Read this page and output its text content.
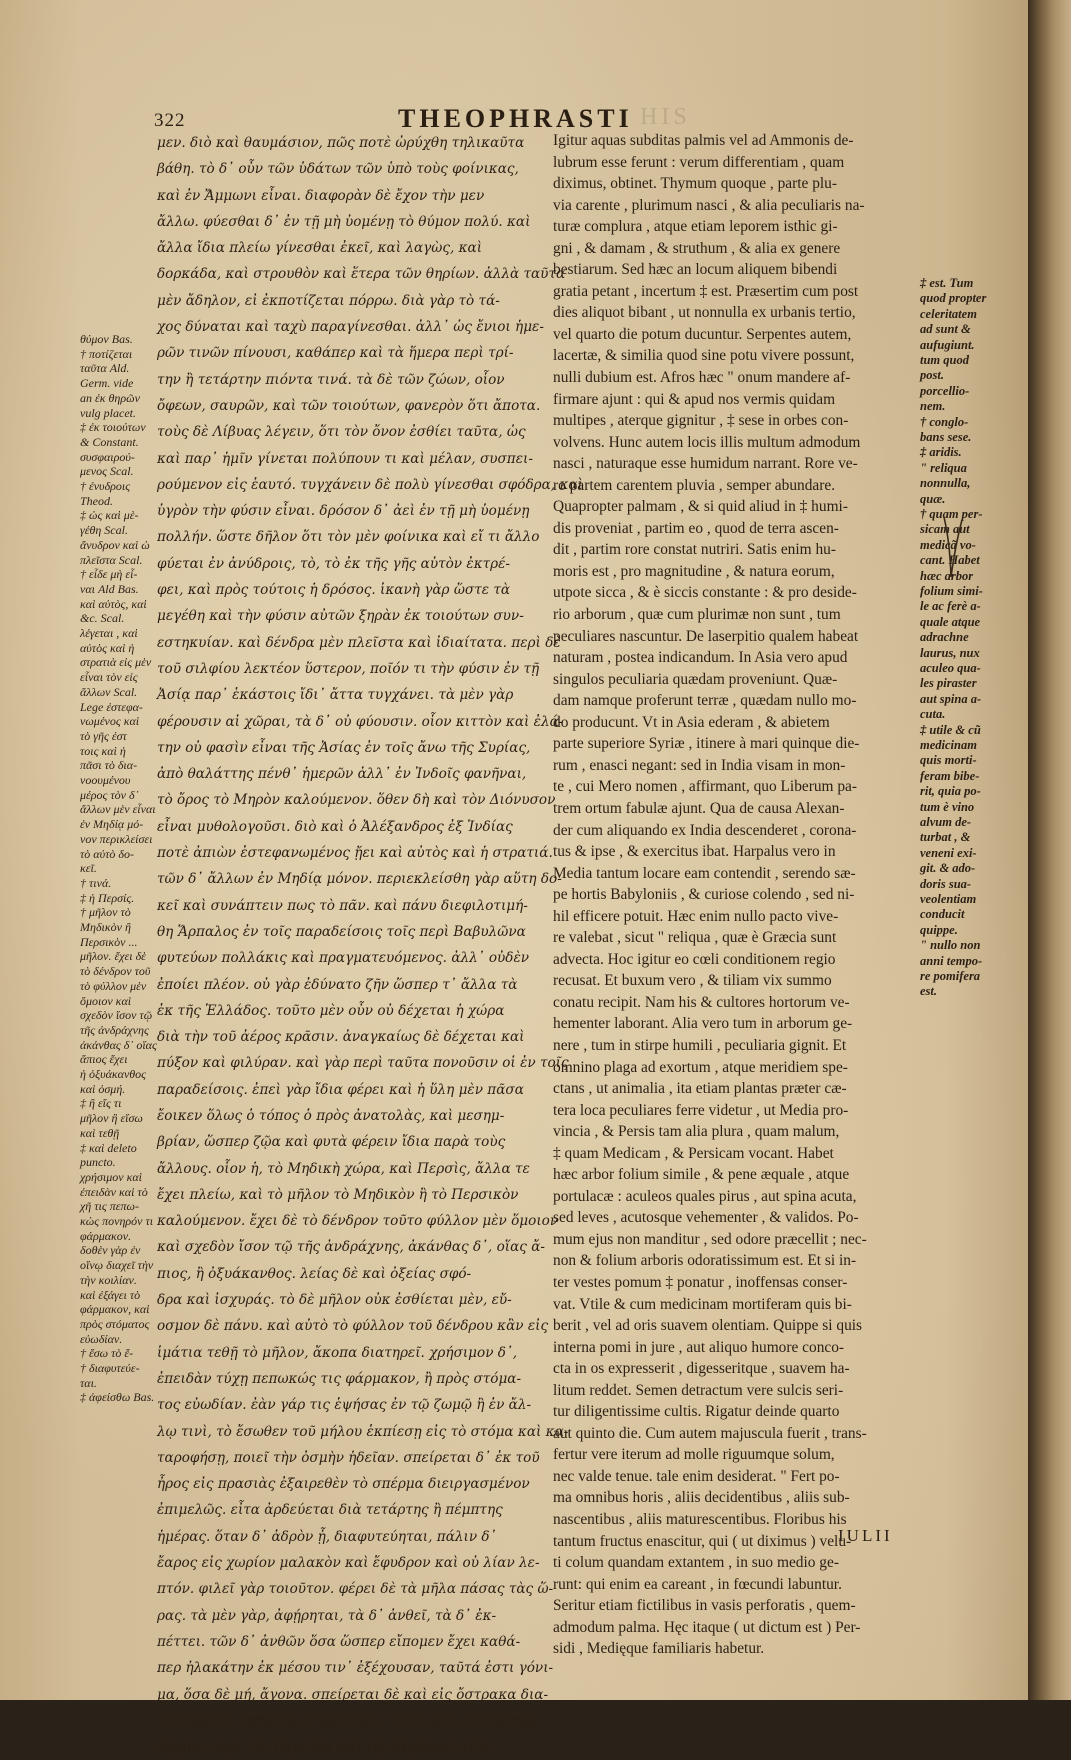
322	THEOPHRASTI HIS
μεν. διὸ καὶ θαυμάσιον, πῶς ποτὲ ὠρύχθη τηλικαῦτα
βάθη. τὸ δ᾽ οὖν τῶν ὑδάτων τῶν ὑπὸ τοὺς φοίνικας,
καὶ ἐν Ἄμμωνι εἶναι. διαφορὰν δὲ ἔχον τὴν μεν
ἄλλω. φύεσθαι δ᾽ ἐν τῇ μὴ ὑομένῃ τὸ θύμον πολύ. καὶ
ἄλλα ἴδια πλείω γίνεσθαι ἐκεῖ, καὶ λαγὼς, καὶ
δορκάδα, καὶ στρουθὸν καὶ ἕτερα τῶν θηρίων. ἀλλὰ ταῦτα
μὲν ἄδηλον, εἰ ἐκποτίζεται πόρρω. διὰ γὰρ τὸ τά-
χος δύναται καὶ ταχὺ παραγίνεσθαι. ἀλλ᾽ ὡς ἔνιοι ἡμε-
ρῶν τινῶν πίνουσι, καθάπερ καὶ τὰ ἥμερα περὶ τρί-
την ἢ τετάρτην πιόντα τινά. τὰ δὲ τῶν ζώων, οἷον
ὄφεων, σαυρῶν, καὶ τῶν τοιούτων, φανερὸν ὅτι ἄποτα.
τοὺς δὲ Λίβυας λέγειν, ὅτι τὸν ὄνον ἐσθίει ταῦτα, ὡς
καὶ παρ᾽ ἡμῖν γίνεται πολύπουν τι καὶ μέλαν, συσπει-
ρούμενον εἰς ἑαυτό. τυγχάνειν δὲ πολὺ γίνεσθαι σφόδρα, καὶ
ὑγρὸν τὴν φύσιν εἶναι. δρόσον δ᾽ ἀεὶ ἐν τῇ μὴ ὑομένῃ
πολλήν. ὥστε δῆλον ὅτι τὸν μὲν φοίνικα καὶ εἴ τι ἄλλο
φύεται ἐν ἀνύδροις, τὸ, τὸ ἐκ τῆς γῆς αὐτὸν ἐκτρέ-
φει, καὶ πρὸς τούτοις ἡ δρόσος. ἱκανὴ γὰρ ὥστε τὰ
μεγέθη καὶ τὴν φύσιν αὐτῶν ξηρὰν ἐκ τοιούτων συν-
εστηκυίαν. καὶ δένδρα μὲν πλεῖστα καὶ ἰδιαίτατα. περὶ δὲ
τοῦ σιλφίου λεκτέον ὕστερον, ποῖόν τι τὴν φύσιν ἐν τῇ
Ἀσίᾳ παρ᾽ ἑκάστοις ἴδι᾽ ἄττα τυγχάνει. τὰ μὲν γὰρ
φέρουσιν αἱ χῶραι, τὰ δ᾽ οὐ φύουσιν. οἷον κιττὸν καὶ ἐλά-
την οὐ φασὶν εἶναι τῆς Ἀσίας ἐν τοῖς ἄνω τῆς Συρίας,
ἀπὸ θαλάττης πένθ᾽ ἡμερῶν ἀλλ᾽ ἐν Ἰνδοῖς φανῆναι,
τὸ ὄρος τὸ Μηρὸν καλούμενον. ὅθεν δὴ καὶ τὸν Διόνυσον
εἶναι μυθολογοῦσι. διὸ καὶ ὁ Ἀλέξανδρος ἐξ Ἰνδίας
ποτὲ ἀπιὼν ἐστεφανωμένος ᾔει καὶ αὐτὸς καὶ ἡ στρατιά.
τῶν δ᾽ ἄλλων ἐν Μηδίᾳ μόνον. περιεκλείσθη γὰρ αὕτη δο-
κεῖ καὶ συνάπτειν πως τὸ πᾶν. καὶ πάνυ διεφιλοτιμή-
θη Ἅρπαλος ἐν τοῖς παραδείσοις τοῖς περὶ Βαβυλῶνα
φυτεύων πολλάκις καὶ πραγματευόμενος. ἀλλ᾽ οὐδὲν
ἐποίει πλέον. οὐ γὰρ ἐδύνατο ζῆν ὥσπερ τ᾽ ἄλλα τὰ
ἐκ τῆς Ἑλλάδος. τοῦτο μὲν οὖν οὐ δέχεται ἡ χώρα
διὰ τὴν τοῦ ἀέρος κρᾶσιν. ἀναγκαίως δὲ δέχεται καὶ
πύξον καὶ φιλύραν. καὶ γὰρ περὶ ταῦτα πονοῦσιν οἱ ἐν τοῖς
παραδείσοις. ἐπεὶ γὰρ ἴδια φέρει καὶ ἡ ὕλη μὲν πᾶσα
ἔοικεν ὅλως ὁ τόπος ὁ πρὸς ἀνατολὰς, καὶ μεσημ-
βρίαν, ὥσπερ ζῷα καὶ φυτὰ φέρειν ἴδια παρὰ τοὺς
ἄλλους. οἷον ἡ, τὸ Μηδικὴ χώρα, καὶ Περσὶς, ἄλλα τε
ἔχει πλείω, καὶ τὸ μῆλον τὸ Μηδικὸν ἢ τὸ Περσικὸν
καλούμενον. ἔχει δὲ τὸ δένδρον τοῦτο φύλλον μὲν ὅμοιον
καὶ σχεδὸν ἴσον τῷ τῆς ἀνδράχνης, ἀκάνθας δ᾽, οἵας ἄ-
πιος, ἢ ὀξυάκανθος. λείας δὲ καὶ ὀξείας σφό-
δρα καὶ ἰσχυράς. τὸ δὲ μῆλον οὐκ ἐσθίεται μὲν, εὔ-
οσμον δὲ πάνυ. καὶ αὐτὸ τὸ φύλλον τοῦ δένδρου κἂν εἰς
ἱμάτια τεθῇ τὸ μῆλον, ἄκοπα διατηρεῖ. χρήσιμον δ᾽,
ἐπειδὰν τύχῃ πεπωκώς τις φάρμακον, ἢ πρὸς στόμα-
τος εὐωδίαν. ἐὰν γάρ τις ἑψήσας ἐν τῷ ζωμῷ ἢ ἐν ἄλ-
λῳ τινὶ, τὸ ἔσωθεν τοῦ μήλου ἐκπίεσῃ εἰς τὸ στόμα καὶ κα-
ταροφήσῃ, ποιεῖ τὴν ὀσμὴν ἡδεῖαν. σπείρεται δ᾽ ἐκ τοῦ
ἦρος εἰς πρασιὰς ἐξαιρεθὲν τὸ σπέρμα διειργασμένον
ἐπιμελῶς. εἶτα ἀρδεύεται διὰ τετάρτης ἢ πέμπτης
ἡμέρας. ὅταν δ᾽ ἁδρὸν ᾖ, διαφυτεύηται, πάλιν δ᾽
ἔαρος εἰς χωρίον μαλακὸν καὶ ἔφυδρον καὶ οὐ λίαν λε-
πτόν. φιλεῖ γὰρ τοιοῦτον. φέρει δὲ τὰ μῆλα πάσας τὰς ὥ-
ρας. τὰ μὲν γὰρ, ἀφῄρηται, τὰ δ᾽ ἀνθεῖ, τὰ δ᾽ ἐκ-
πέττει. τῶν δ᾽ ἀνθῶν ὅσα ὥσπερ εἴπομεν ἔχει καθά-
περ ἠλακάτην ἐκ μέσου τιν᾽ ἐξέχουσαν, ταῦτά ἐστι γόνι-
μα, ὅσα δὲ μή, ἄγονα. σπείρεται δὲ καὶ εἰς ὄστρακα δια-
τετρημένα, καθάπερ οἱ φοίνικες. τοῦτο μὲν οὖν ὥσπερ
εἴρηται περὶ τὴν Περσίδα καὶ τὴν Μηδίαν ἐστίν.
Igitur aquas subditas palmis vel ad Ammonis de-
lubrum esse ferunt : verum differentiam , quam
diximus, obtinet. Thymum quoque , parte plu-
via carente , plurimum nasci , & alia peculiaris na-
turæ complura , atque etiam leporem isthic gi-
gni , & damam , & struthum , & alia ex genere
bestiarum. Sed hæc an locum aliquem bibendi
gratia petant , incertum ‡ est. Præsertim cum post
dies aliquot bibant , ut nonnulla ex urbanis tertio,
vel quarto die potum ducuntur. Serpentes autem,
lacertæ, & similia quod sine potu vivere possunt,
nulli dubium est. Afros hæc " onum mandere af-
firmare ajunt : qui & apud nos vermis quidam
multipes , aterque gignitur , ‡ sese in orbes con-
volvens. Hunc autem locis illis multum admodum
nasci , naturaque esse humidum narrant. Rore ve-
ro partem carentem pluvia , semper abundare.
Quapropter palmam , & si quid aliud in ‡ humi-
dis proveniat , partim eo , quod de terra ascen-
dit , partim rore constat nutriri. Satis enim hu-
moris est , pro magnitudine , & natura eorum,
utpote sicca , & è siccis constante : & pro deside-
rio arborum , quæ cum plurimæ non sunt , tum
peculiares nascuntur. De laserpitio qualem habeat
naturam , postea indicandum. In Asia vero apud
singulos peculiaria quædam proveniunt. Quæ-
dam namque proferunt terræ , quædam nullo mo-
do producunt. Vt in Asia ederam , & abietem
parte superiore Syriæ , itinere à mari quinque die-
rum , enasci negant: sed in India visam in mon-
te , cui Mero nomen , affirmant, quo Liberum pa-
trem ortum fabulæ ajunt. Qua de causa Alexan-
der cum aliquando ex India descenderet , corona-
tus & ipse , & exercitus ibat. Harpalus vero in
Media tantum locare eam contendit , serendo sæ-
pe hortis Babyloniis , & curiose colendo , sed ni-
hil efficere potuit. Hæc enim nullo pacto vive-
re valebat , sicut " reliqua , quæ è Græcia sunt
advecta. Hoc igitur eo cœli conditionem regio
recusat. Et buxum vero , & tiliam vix summo
conatu recipit. Nam his & cultores hortorum ve-
hementer laborant. Alia vero tum in arborum ge-
nere , tum in stirpe humili , peculiaria gignit. Et
omnino plaga ad exortum , atque meridiem spe-
ctans , ut animalia , ita etiam plantas præter cæ-
tera loca peculiares ferre videtur , ut Media pro-
vincia , & Persis tam alia plura , quam malum,
‡ quam Medicam , & Persicam vocant. Habet
hæc arbor folium simile , & pene æquale , atque
portulacæ : aculeos quales pirus , aut spina acuta,
sed leves , acutosque vehementer , & validos. Po-
mum ejus non manditur , sed odore præcellit ; nec-
non & folium arboris odoratissimum est. Et si in-
ter vestes pomum ‡ ponatur , inoffensas conser-
vat. Vtile & cum medicinam mortiferam quis bi-
berit , vel ad oris suavem olentiam. Quippe si quis
interna pomi in jure , aut aliquo humore conco-
cta in os expresserit , digesseritque , suavem ha-
litum reddet. Semen detractum vere sulcis seri-
tur diligentissime cultis. Rigatur deinde quarto
aut quinto die. Cum autem majuscula fuerit , trans-
fertur vere iterum ad molle riguumque solum,
nec valde tenue. tale enim desiderat. " Fert po-
ma omnibus horis , aliis decidentibus , aliis sub-
nascentibus , aliis maturescentibus. Floribus his
tantum fructus enascitur, qui ( ut diximus ) velu-
ti colum quandam extantem , in suo medio ge-
runt: qui enim ea careant , in fœcundi labuntur.
Seritur etiam fictilibus in vasis perforatis , quem-
admodum palma. Hęc itaque ( ut dictum est ) Per-
sidi , Medięque familiaris habetur.
θύμον Bas.
† ποτίζεται
ταῦτα Ald.
Germ. vide
an ἐκ θηρῶν
vulg placet.
‡ ἐκ τοιούτων
& Constant.
συσφαιρού-
μενος Scal.
† ἐνυδροις
Theod.
‡ ὡς καὶ μὲ-
γέθη Scal.
ἄνυδρον καὶ ὠ
πλεῖστα Scal.
† εἶδε μὴ εἶ-
ναι Ald Bas.
καὶ αὐτὸς, καὶ
&c. Scal.
λέγεται , καὶ
αὐτὸς καὶ ἡ
στρατιὰ εἰς μὲν
εἶναι τὸν εἰς
ἄλλων Scal.
Lege ἐστεφα-
νωμένος καὶ
τὸ γῆς ἐστ
τοις καὶ ἡ
πᾶσι τὸ δια-
νοουμένου
μέρος τὸν δ᾽
ἄλλων μὲν εἶναι
ἐν Μηδίᾳ μό-
νον περικλείσει
τὸ αὐτὸ δο-
κεῖ.
† τινά.
‡ ἡ Περσίς.
† μῆλον τὸ
Μηδικὸν ἢ
Περσικὸν ...
μῆλον. ἔχει δὲ
τὸ δένδρον τοῦ
τὸ φύλλον μὲν
ὅμοιον καὶ
σχεδὸν ἴσον τῷ
τῆς ἀνδράχνης
ἀκάνθας δ᾽ οἵας
ἄπιος ἔχει
ἡ ὀξυάκανθος
καὶ ὀσμή.
‡ ἢ εἴς τι
μῆλον ἢ εἴσω
καὶ τεθῇ
‡ καὶ deleto
puncto.
χρήσιμον καὶ
ἐπειδὰν καὶ τὸ
χῆ τις πεπω-
κὼς πονηρόν τι
φάρμακον.
δοθὲν γὰρ ἐν
οἴνῳ διαχεῖ τὴν
τὴν κοιλίαν.
καὶ ἐξάγει τὸ
φάρμακον, καὶ
πρὸς στόματος
εὐωδίαν.
† ἔσω τὸ ἔ-
† διαφυτεύε-
ται.
‡ ἀφείσθω Bas.
‡ est. Tum
quod propter
celeritatem
ad sunt &
aufugiunt.
tum quod
post.
porcellio-
nem.
† conglo-
bans sese.
‡ aridis.
" reliqua
nonnulla,
quæ.
† quam per-
sicam aut
medicã vo-
cant. Habet
hæc arbor
folium simi-
le ac ferè a-
quale atque
adrachne
laurus, nux
aculeo qua-
les piraster
aut spina a-
cuta.
‡ utile & cũ
medicinam
quis morti-
feram bibe-
rit, quia po-
tum è vino
alvum de-
turbat , &
veneni exi-
git. & ado-
doris sua-
veolentiam
conducit
quippe.
" nullo non
anni tempo-
re pomifera
est.
IULII
